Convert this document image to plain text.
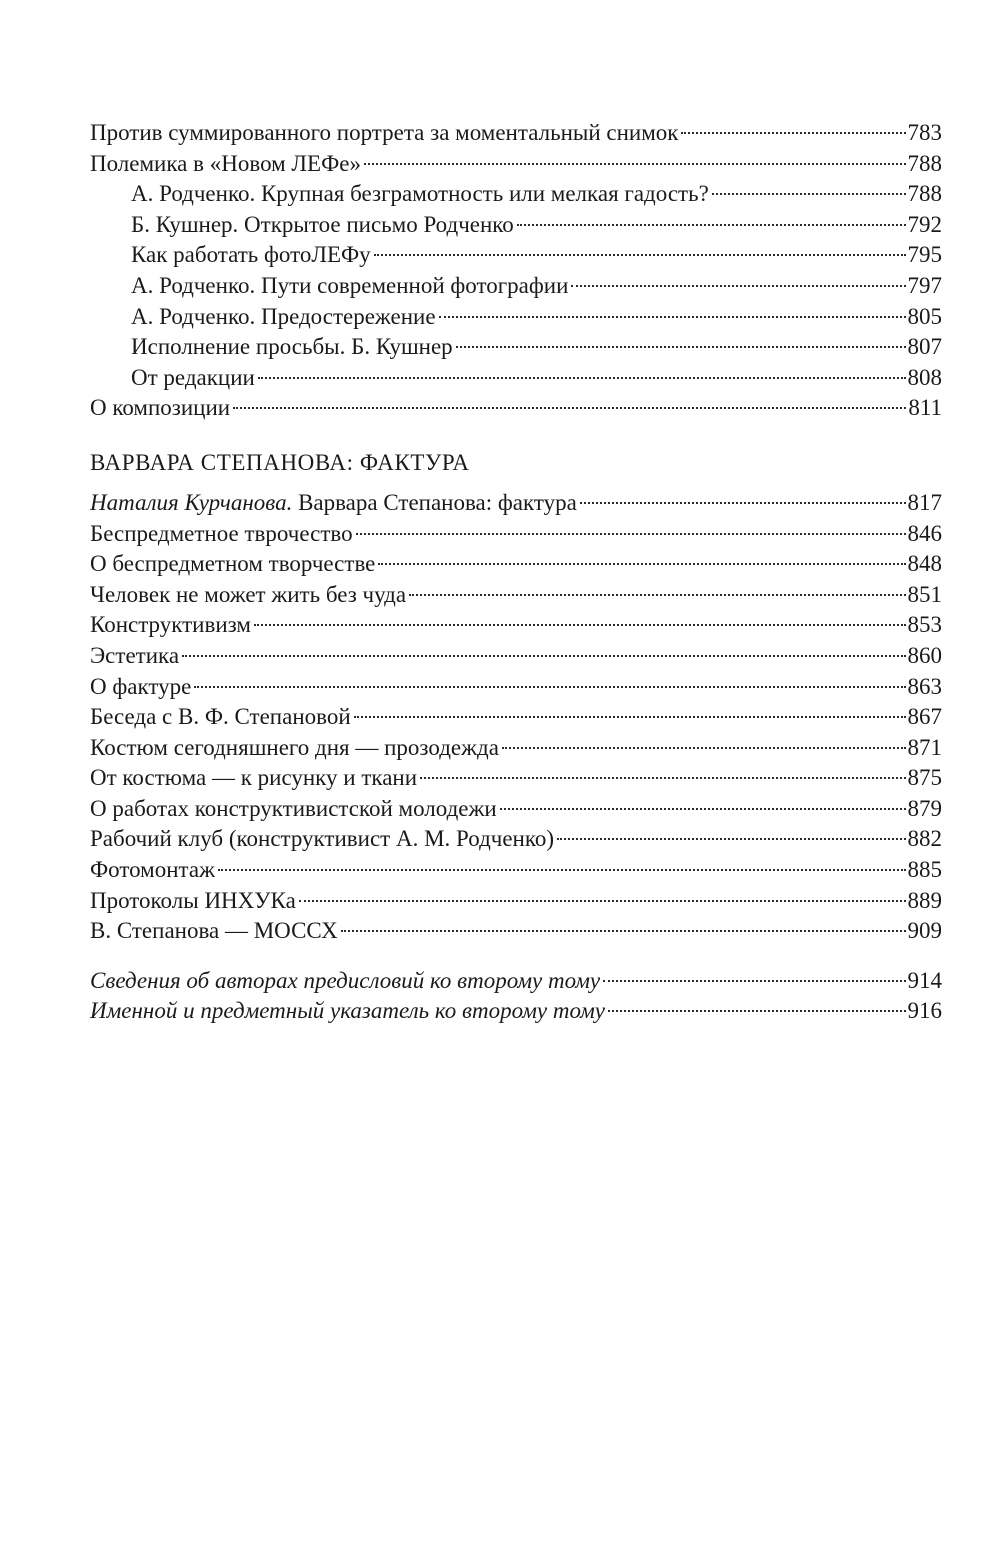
Против суммированного портрета за моментальный снимок	783
Полемика в «Новом ЛЕФе»	788
А. Родченко. Крупная безграмотность или мелкая гадость?	788
Б. Кушнер. Открытое письмо Родченко	792
Как работать фотоЛЕФу	795
А. Родченко. Пути современной фотографии	797
А. Родченко. Предостережение	805
Исполнение просьбы. Б. Кушнер	807
От редакции	808
О композиции	811
ВАРВАРА СТЕПАНОВА: ФАКТУРА
Наталия Курчанова. Варвара Степанова: фактура	817
Беспредметное тврочество	846
О беспредметном творчестве	848
Человек не может жить без чуда	851
Конструктивизм	853
Эстетика	860
О фактуре	863
Беседа с В. Ф. Степановой	867
Костюм сегодняшнего дня — прозодежда	871
От костюма — к рисунку и ткани	875
О работах конструктивистской молодежи	879
Рабочий клуб (конструктивист А. М. Родченко)	882
Фотомонтаж	885
Протоколы ИНХУКа	889
В. Степанова — МОССХ	909
Сведения об авторах предисловий ко второму тому	914
Именной и предметный указатель ко второму тому	916
